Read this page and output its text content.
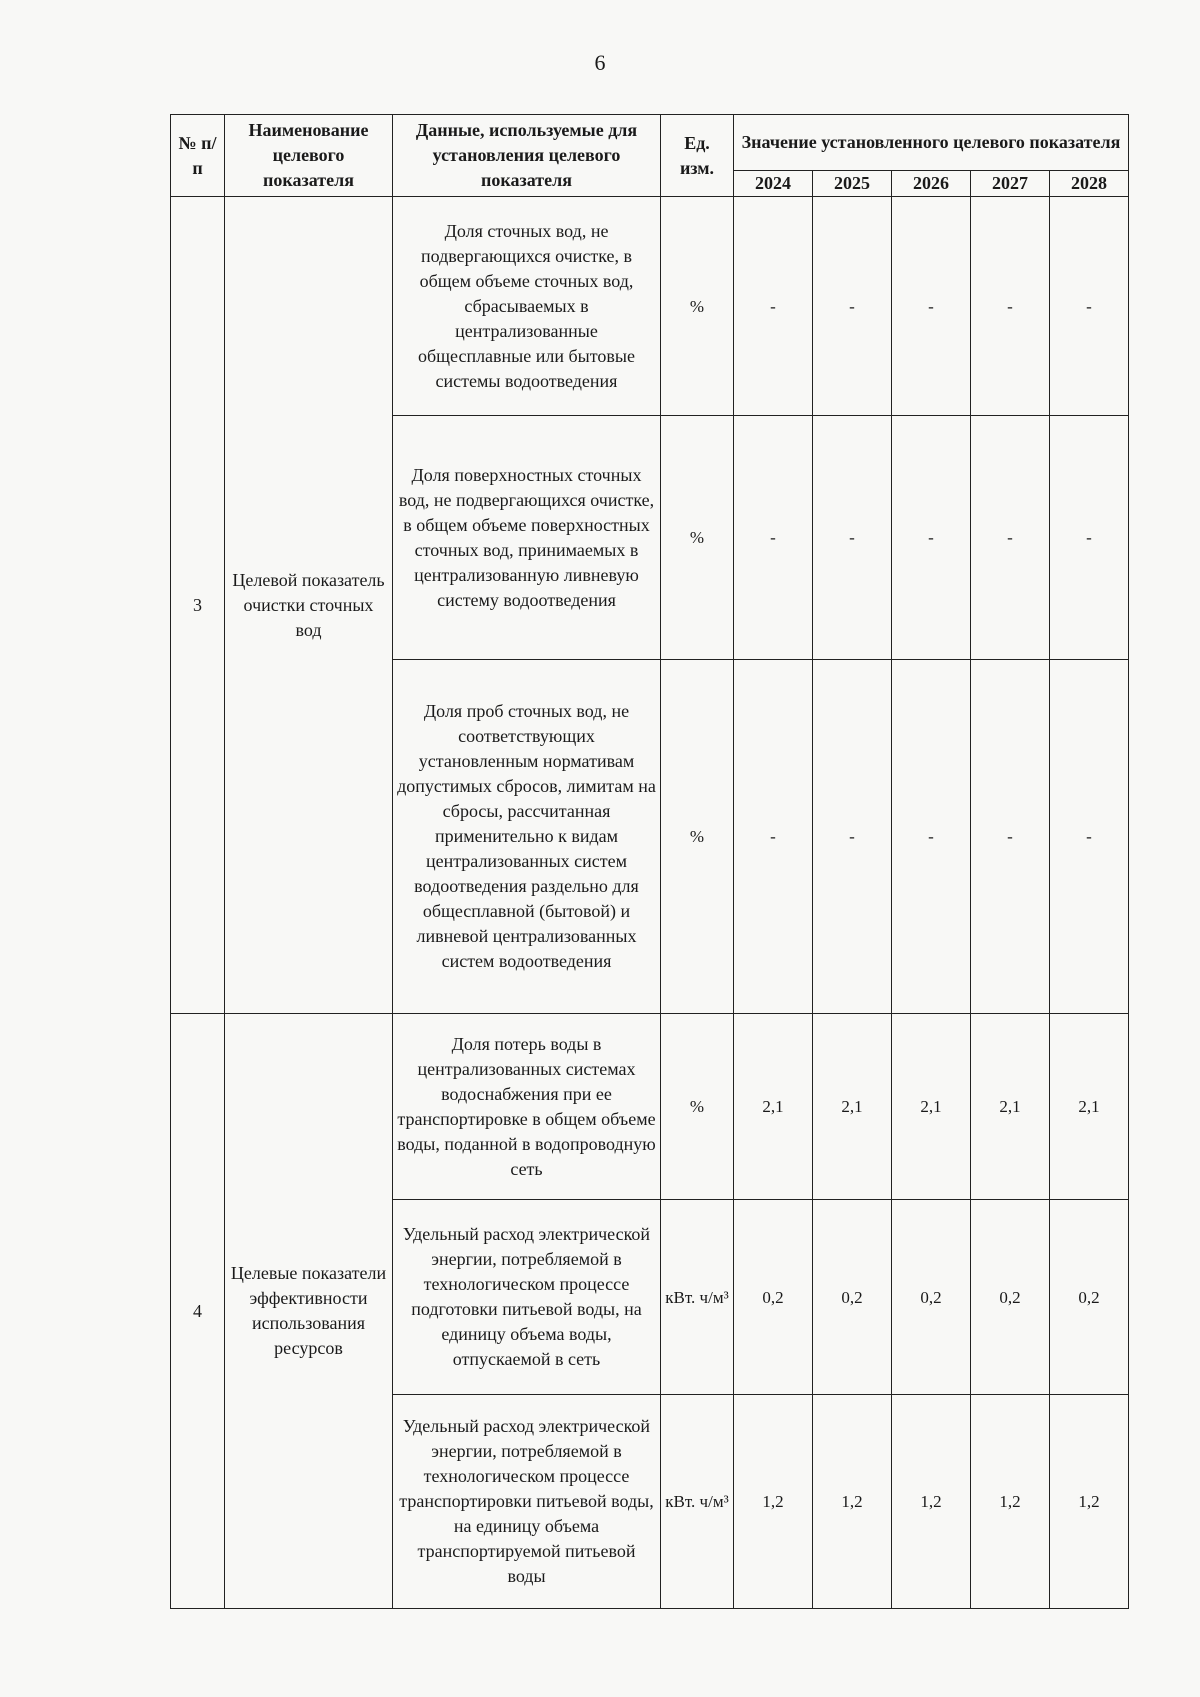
6
№ п/п	Наименование целевого показателя	Данные, используемые для установления целевого показателя	Ед. изм.	Значение установленного целевого показателя				
				2024	2025	2026	2027	2028
3	Целевой показатель очистки сточных вод	Доля сточных вод, не подвергающихся очистке, в общем объеме сточных вод, сбрасываемых в централизованные общесплавные или бытовые системы водоотведения	%	-	-	-	-	-
		Доля поверхностных сточных вод, не подвергающихся очистке, в общем объеме поверхностных сточных вод, принимаемых в централизованную ливневую систему водоотведения	%	-	-	-	-	-
		Доля проб сточных вод, не соответствующих установленным нормативам допустимых сбросов, лимитам на сбросы, рассчитанная применительно к видам централизованных систем водоотведения раздельно для общесплавной (бытовой) и ливневой централизованных систем водоотведения	%	-	-	-	-	-
4	Целевые показатели эффективности использования ресурсов	Доля потерь воды в централизованных системах водоснабжения при ее транспортировке в общем объеме воды, поданной в водопроводную сеть	%	2,1	2,1	2,1	2,1	2,1
		Удельный расход электрической энергии, потребляемой в технологическом процессе подготовки питьевой воды, на единицу объема воды, отпускаемой в сеть	кВт. ч/м³	0,2	0,2	0,2	0,2	0,2
		Удельный расход электрической энергии, потребляемой в технологическом процессе транспортировки питьевой воды, на единицу объема транспортируемой питьевой воды	кВт. ч/м³	1,2	1,2	1,2	1,2	1,2
